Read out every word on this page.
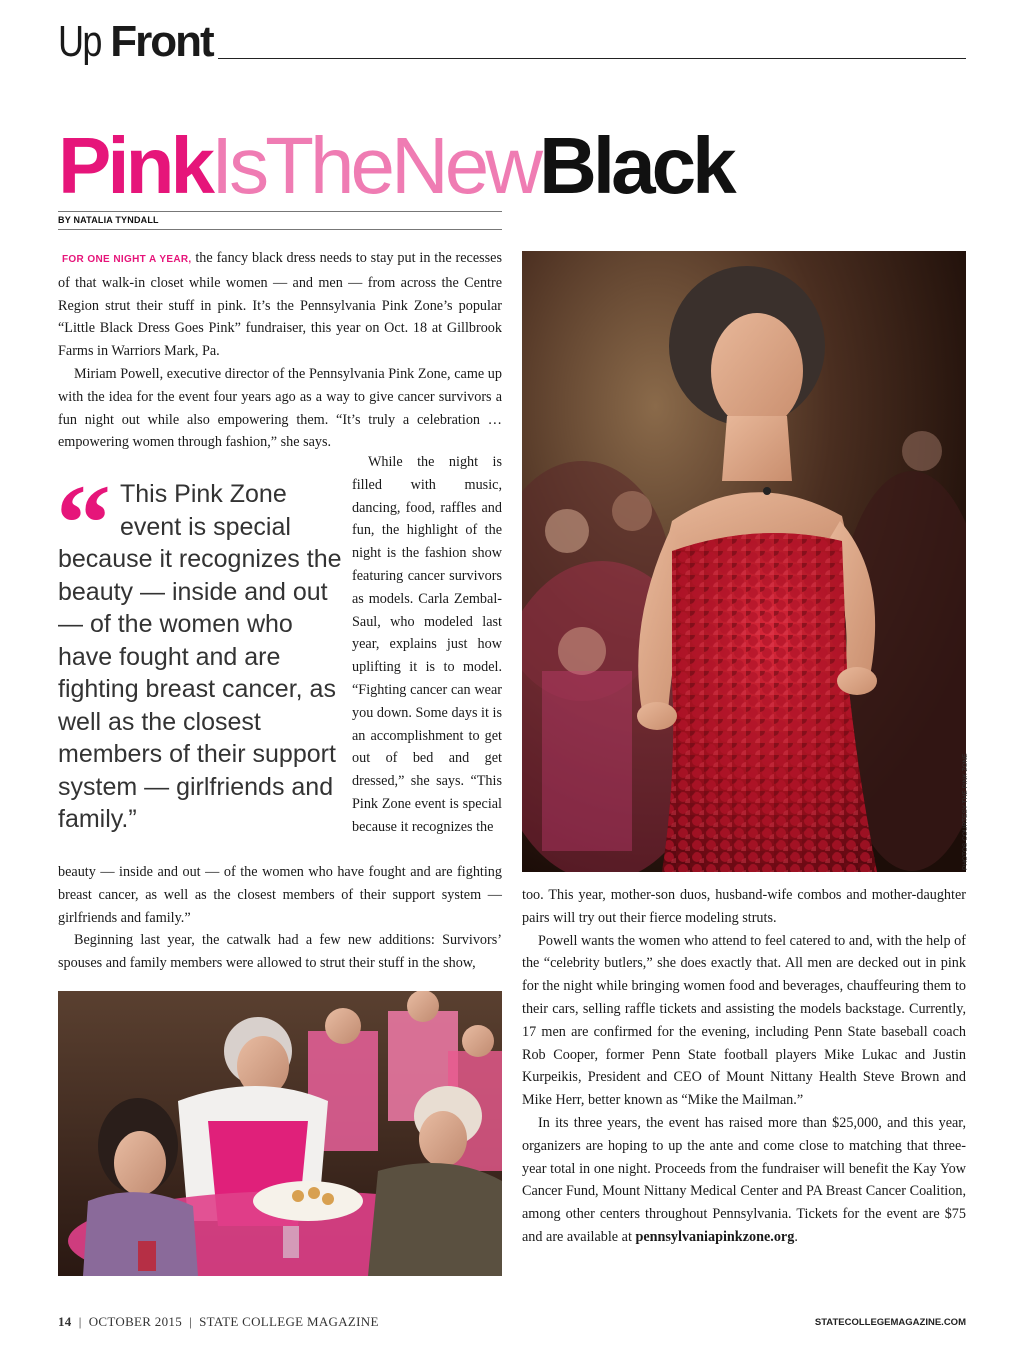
Up Front
PinkIsTheNewBlack
BY NATALIA TYNDALL

FOR ONE NIGHT A YEAR, the fancy black dress needs to stay put in the recesses of that walk-in closet while women — and men — from across the Centre Region strut their stuff in pink. It’s the Pennsylvania Pink Zone’s popular “Little Black Dress Goes Pink” fundraiser, this year on Oct. 18 at Gillbrook Farms in Warriors Mark, Pa.

Miriam Powell, executive director of the Pennsylvania Pink Zone, came up with the idea for the event four years ago as a way to give cancer survivors a fun night out while also empowering them. “It’s truly a celebration … empowering women through fashion,” she says.

“ This Pink Zone
event is special
because it recognizes the beauty — inside and out — of the women who have fought and are fighting breast cancer, as well as the closest members of their support system — girlfriends and family.”

While the night is filled with music, dancing, food, raffles and fun, the highlight of the night is the fashion show featuring cancer survivors as models. Carla Zembal-Saul, who modeled last year, explains just how uplifting it is to model. “Fighting cancer can wear you down. Some days it is an accomplishment to get out of bed and get dressed,” she says. “This Pink Zone event is special because it recognizes the

beauty — inside and out — of the women who have fought and are fighting breast cancer, as well as the closest members of their support system — girlfriends and family.”

Beginning last year, the catwalk had a few new additions: Survivors’ spouses and family members were allowed to strut their stuff in the show,

PHOTOS COURTESY THE PINK ZONE

too. This year, mother-son duos, husband-wife combos and mother-daughter pairs will try out their fierce modeling struts.

Powell wants the women who attend to feel catered to and, with the help of the “celebrity butlers,” she does exactly that. All men are decked out in pink for the night while bringing women food and beverages, chauffeuring them to their cars, selling raffle tickets and assisting the models backstage. Currently, 17 men are confirmed for the evening, including Penn State baseball coach Rob Cooper, former Penn State football players Mike Lukac and Justin Kurpeikis, President and CEO of Mount Nittany Health Steve Brown and Mike Herr, better known as “Mike the Mailman.”

In its three years, the event has raised more than $25,000, and this year, organizers are hoping to up the ante and come close to matching that three-year total in one night. Proceeds from the fundraiser will benefit the Kay Yow Cancer Fund, Mount Nittany Medical Center and PA Breast Cancer Coalition, among other centers throughout Pennsylvania. Tickets for the event are $75 and are available at pennsylvaniapinkzone.org.

14  |  OCTOBER 2015  |  STATE COLLEGE MAGAZINE	STATECOLLEGEMAGAZINE.COM
